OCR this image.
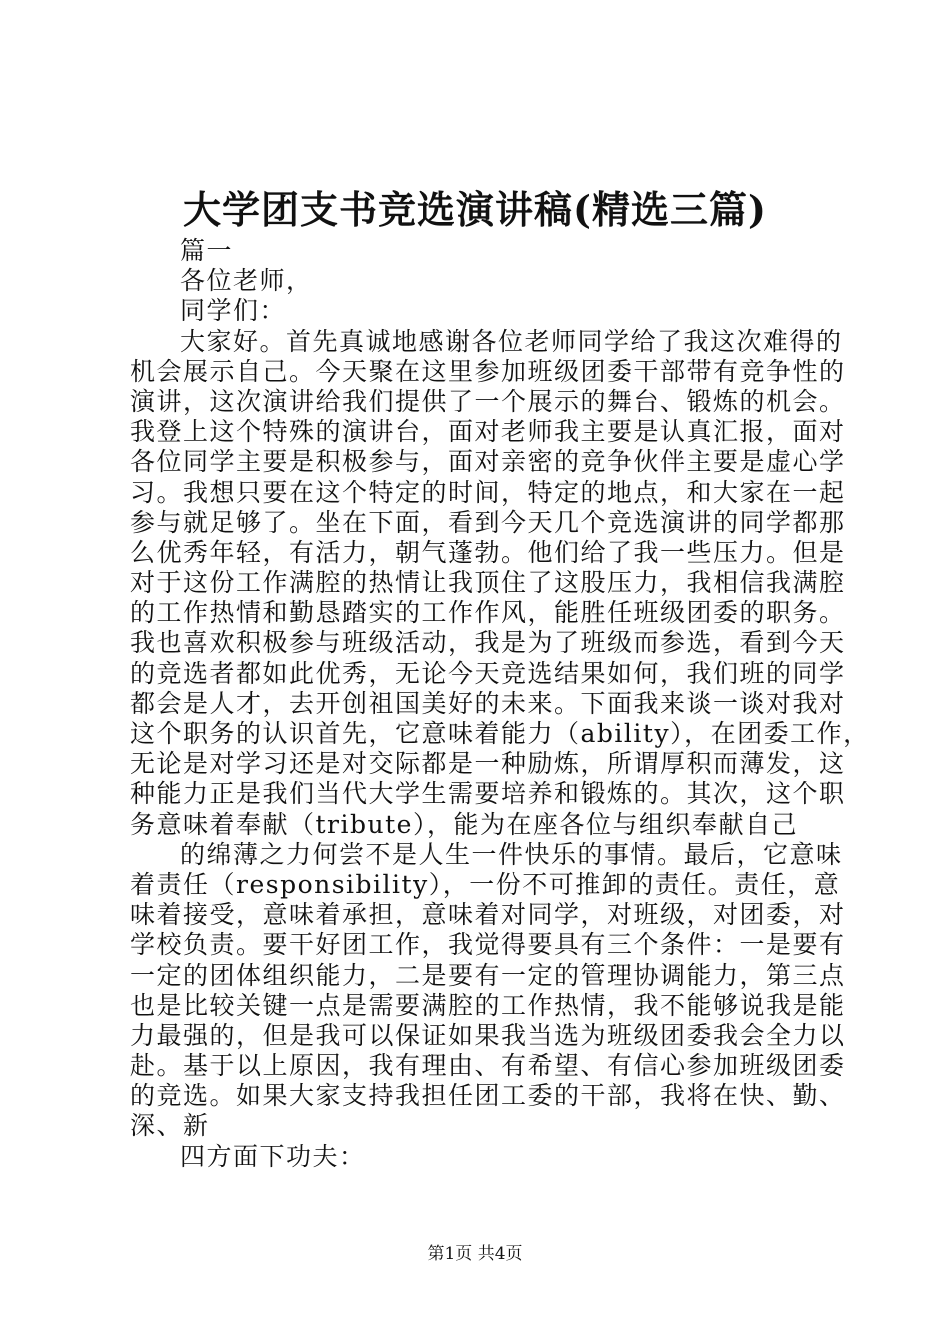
大学团支书竞选演讲稿(精选三篇)
篇一
各位老师，
同学们：
大家好。首先真诚地感谢各位老师同学给了我这次难得的
机会展示自己。今天聚在这里参加班级团委干部带有竞争性的
演讲，这次演讲给我们提供了一个展示的舞台、锻炼的机会。
我登上这个特殊的演讲台，面对老师我主要是认真汇报，面对
各位同学主要是积极参与，面对亲密的竞争伙伴主要是虚心学
习。我想只要在这个特定的时间，特定的地点，和大家在一起
参与就足够了。坐在下面，看到今天几个竞选演讲的同学都那
么优秀年轻，有活力，朝气蓬勃。他们给了我一些压力。但是
对于这份工作满腔的热情让我顶住了这股压力，我相信我满腔
的工作热情和勤恳踏实的工作作风，能胜任班级团委的职务。
我也喜欢积极参与班级活动，我是为了班级而参选，看到今天
的竞选者都如此优秀，无论今天竞选结果如何，我们班的同学
都会是人才，去开创祖国美好的未来。下面我来谈一谈对我对
这个职务的认识首先，它意味着能力（ability），在团委工作，
无论是对学习还是对交际都是一种励炼，所谓厚积而薄发，这
种能力正是我们当代大学生需要培养和锻炼的。其次，这个职
务意味着奉献（tribute），能为在座各位与组织奉献自己
的绵薄之力何尝不是人生一件快乐的事情。最后，它意味
着责任（responsibility），一份不可推卸的责任。责任，意
味着接受，意味着承担，意味着对同学，对班级，对团委，对
学校负责。要干好团工作，我觉得要具有三个条件：一是要有
一定的团体组织能力，二是要有一定的管理协调能力，第三点
也是比较关键一点是需要满腔的工作热情，我不能够说我是能
力最强的，但是我可以保证如果我当选为班级团委我会全力以
赴。基于以上原因，我有理由、有希望、有信心参加班级团委
的竞选。如果大家支持我担任团工委的干部，我将在快、勤、
深、新
四方面下功夫：
第1页 共4页
